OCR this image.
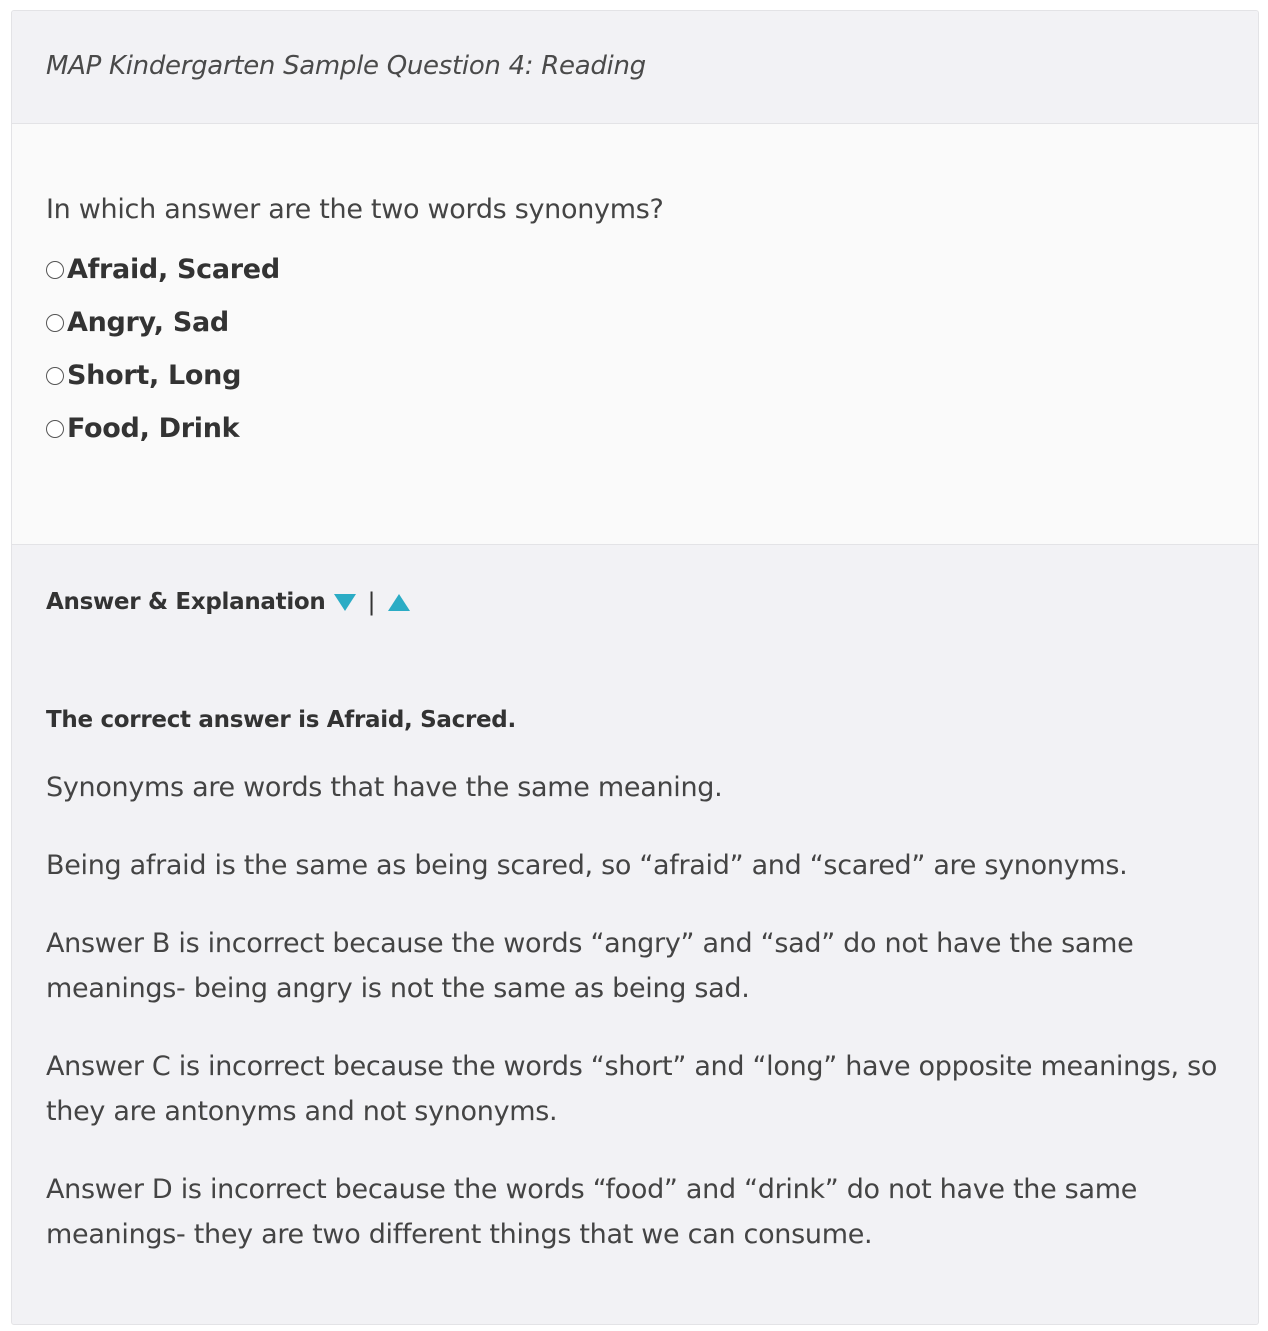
MAP Kindergarten Sample Question 4: Reading

In which answer are the two words synonyms?

Afraid, Scared
Angry, Sad
Short, Long
Food, Drink
Answer & Explanation |

The correct answer is Afraid, Sacred.

Synonyms are words that have the same meaning.

Being afraid is the same as being scared, so “afraid” and “scared” are synonyms.

Answer B is incorrect because the words “angry” and “sad” do not have the same meanings- being angry is not the same as being sad.

Answer C is incorrect because the words “short” and “long” have opposite meanings, so they are antonyms and not synonyms.

Answer D is incorrect because the words “food” and “drink” do not have the same meanings- they are two different things that we can consume.
